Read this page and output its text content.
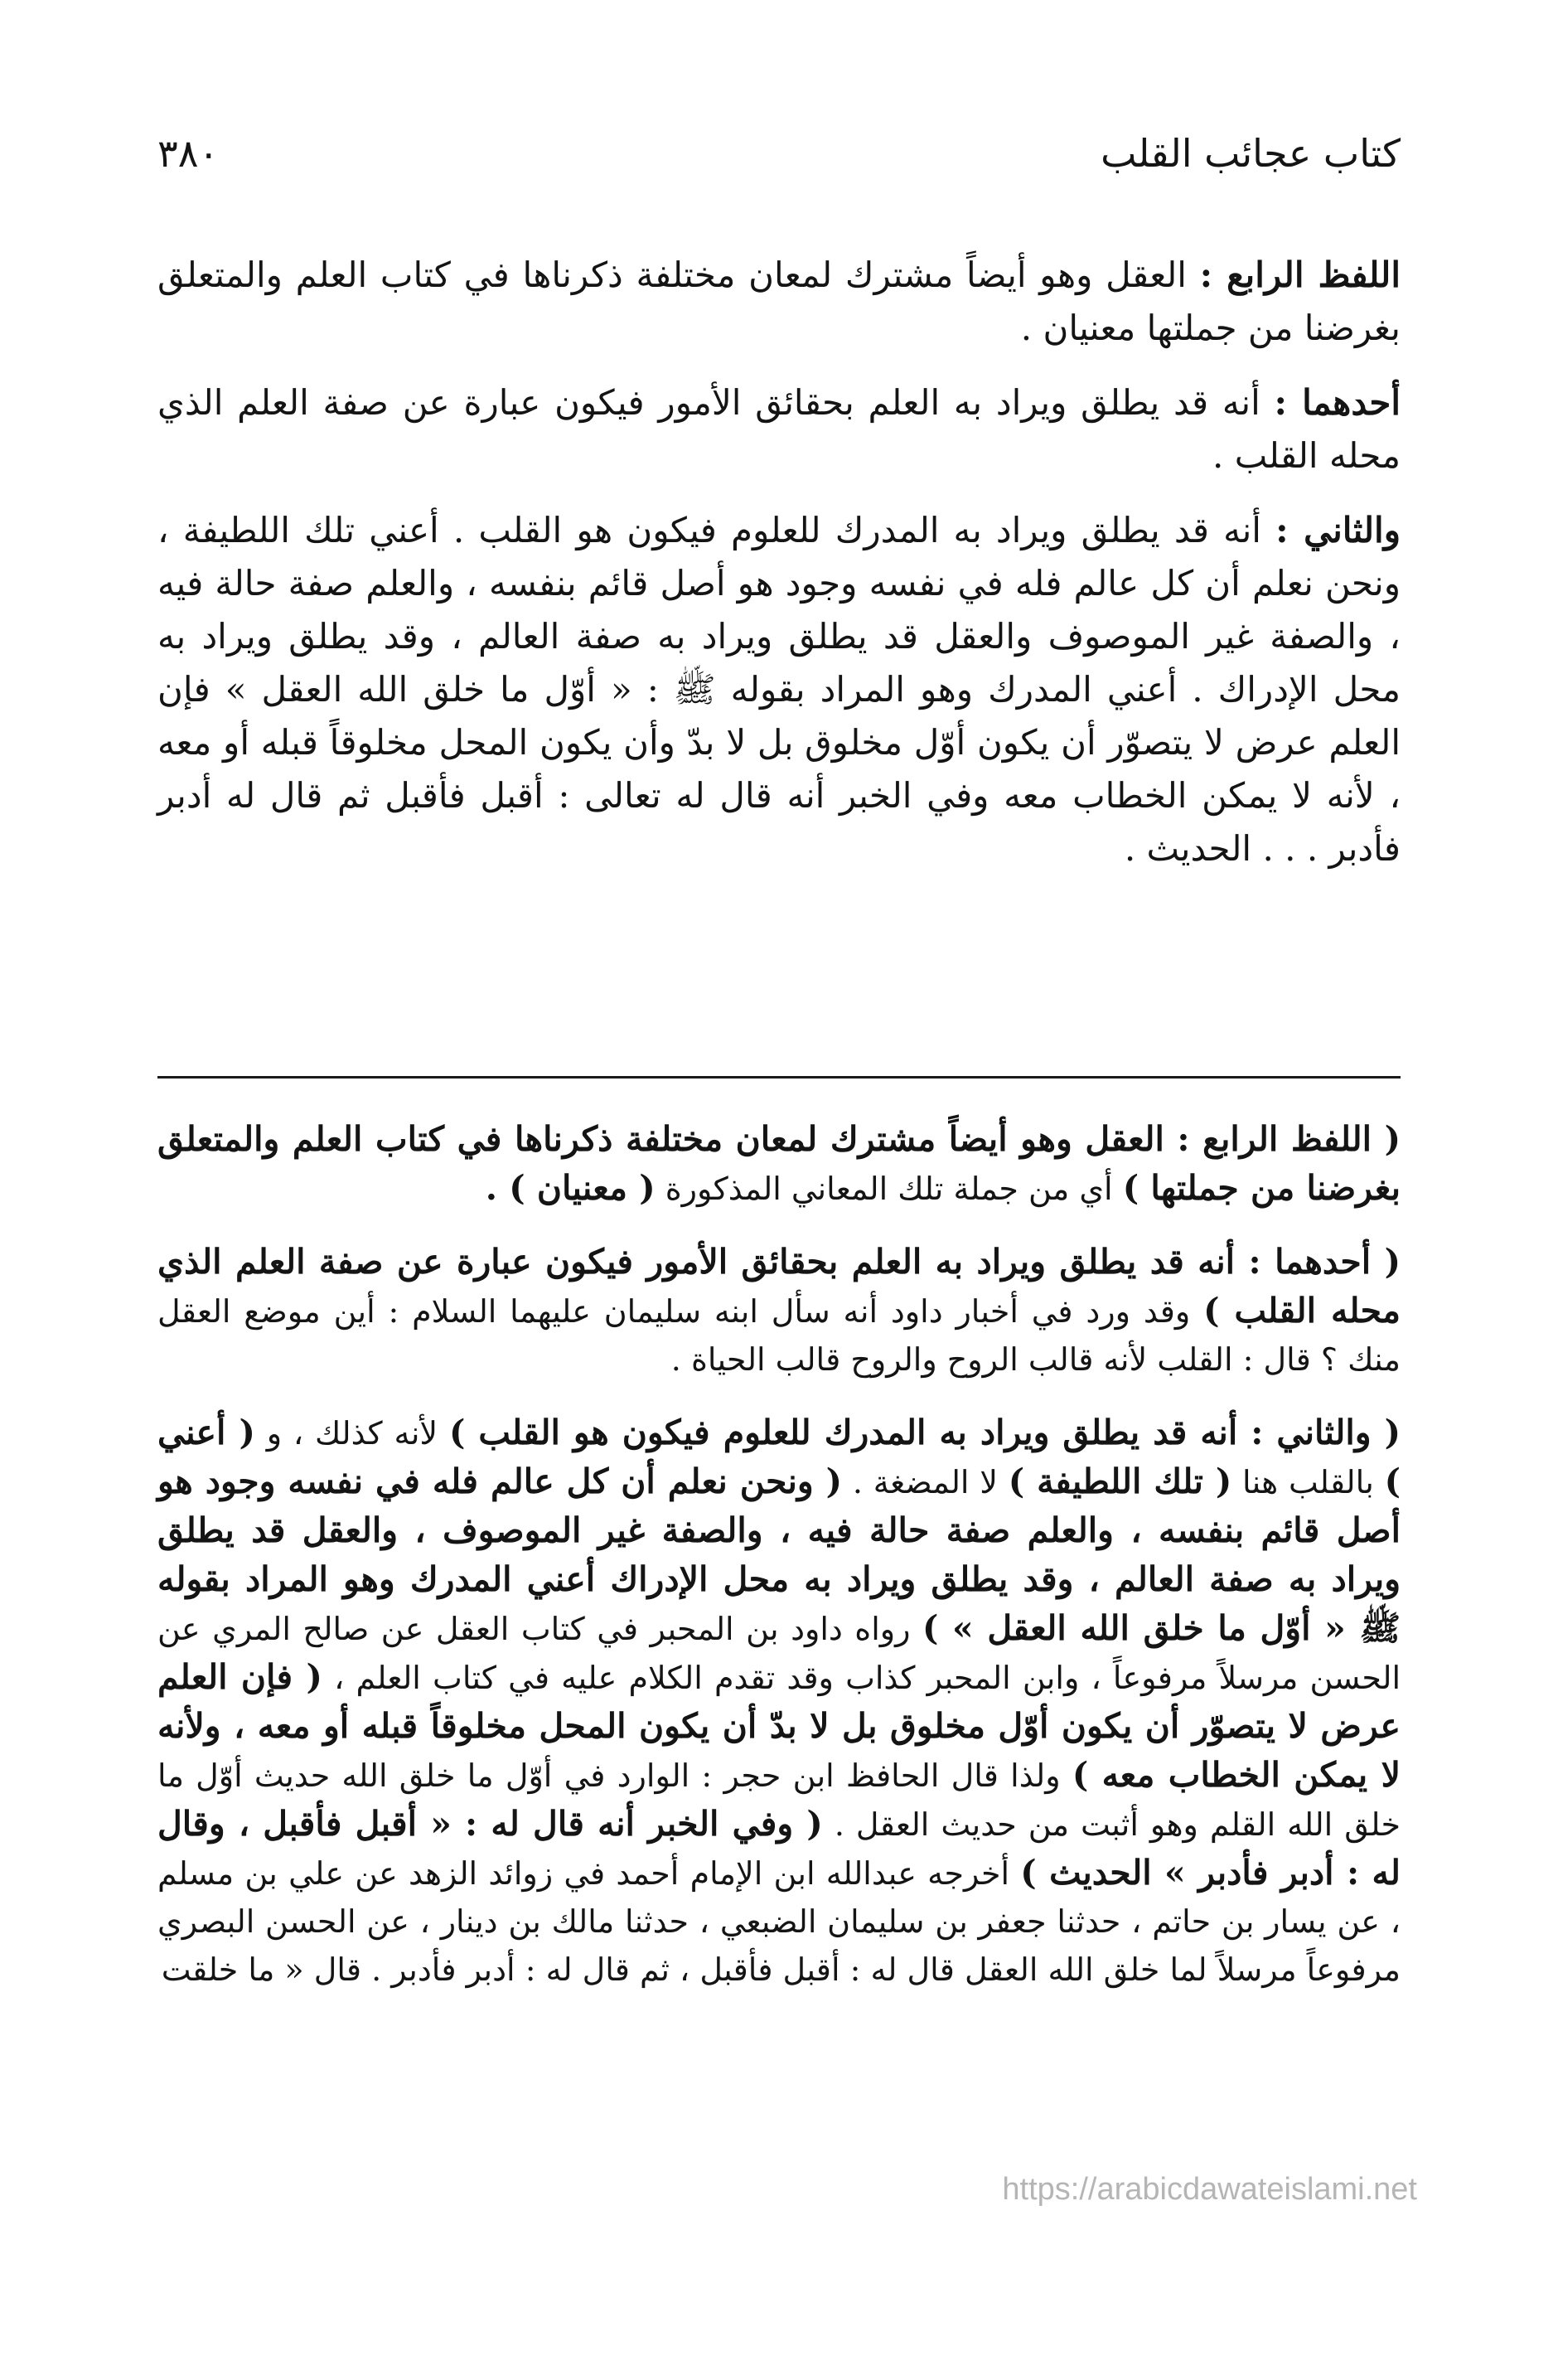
كتاب عجائب القلب
٣٨٠

اللفظ الرابع : العقل وهو أيضاً مشترك لمعان مختلفة ذكرناها في كتاب العلم والمتعلق بغرضنا من جملتها معنيان .

أحدهما : أنه قد يطلق ويراد به العلم بحقائق الأمور فيكون عبارة عن صفة العلم الذي محله القلب .

والثاني : أنه قد يطلق ويراد به المدرك للعلوم فيكون هو القلب . أعني تلك اللطيفة ، ونحن نعلم أن كل عالم فله في نفسه وجود هو أصل قائم بنفسه ، والعلم صفة حالة فيه ، والصفة غير الموصوف والعقل قد يطلق ويراد به صفة العالم ، وقد يطلق ويراد به محل الإدراك . أعني المدرك وهو المراد بقوله ﷺ : « أوّل ما خلق الله العقل » فإن العلم عرض لا يتصوّر أن يكون أوّل مخلوق بل لا بدّ وأن يكون المحل مخلوقاً قبله أو معه ، لأنه لا يمكن الخطاب معه وفي الخبر أنه قال له تعالى : أقبل فأقبل ثم قال له أدبر فأدبر . . . الحديث .

( اللفظ الرابع : العقل وهو أيضاً مشترك لمعان مختلفة ذكرناها في كتاب العلم والمتعلق بغرضنا من جملتها ) أي من جملة تلك المعاني المذكورة ( معنيان ) .

( أحدهما : أنه قد يطلق ويراد به العلم بحقائق الأمور فيكون عبارة عن صفة العلم الذي محله القلب ) وقد ورد في أخبار داود أنه سأل ابنه سليمان عليهما السلام : أين موضع العقل منك ؟ قال : القلب لأنه قالب الروح والروح قالب الحياة .

( والثاني : أنه قد يطلق ويراد به المدرك للعلوم فيكون هو القلب ) لأنه كذلك ، و ( أعني ) بالقلب هنا ( تلك اللطيفة ) لا المضغة . ( ونحن نعلم أن كل عالم فله في نفسه وجود هو أصل قائم بنفسه ، والعلم صفة حالة فيه ، والصفة غير الموصوف ، والعقل قد يطلق ويراد به صفة العالم ، وقد يطلق ويراد به محل الإدراك أعني المدرك وهو المراد بقوله ﷺ « أوّل ما خلق الله العقل » ) رواه داود بن المحبر في كتاب العقل عن صالح المري عن الحسن مرسلاً مرفوعاً ، وابن المحبر كذاب وقد تقدم الكلام عليه في كتاب العلم ، ( فإن العلم عرض لا يتصوّر أن يكون أوّل مخلوق بل لا بدّ أن يكون المحل مخلوقاً قبله أو معه ، ولأنه لا يمكن الخطاب معه ) ولذا قال الحافظ ابن حجر : الوارد في أوّل ما خلق الله حديث أوّل ما خلق الله القلم وهو أثبت من حديث العقل . ( وفي الخبر أنه قال له : « أقبل فأقبل ، وقال له : أدبر فأدبر » الحديث ) أخرجه عبدالله ابن الإمام أحمد في زوائد الزهد عن علي بن مسلم ، عن يسار بن حاتم ، حدثنا جعفر بن سليمان الضبعي ، حدثنا مالك بن دينار ، عن الحسن البصري مرفوعاً مرسلاً لما خلق الله العقل قال له : أقبل فأقبل ، ثم قال له : أدبر فأدبر . قال « ما خلقت

https://arabicdawateislami.net
